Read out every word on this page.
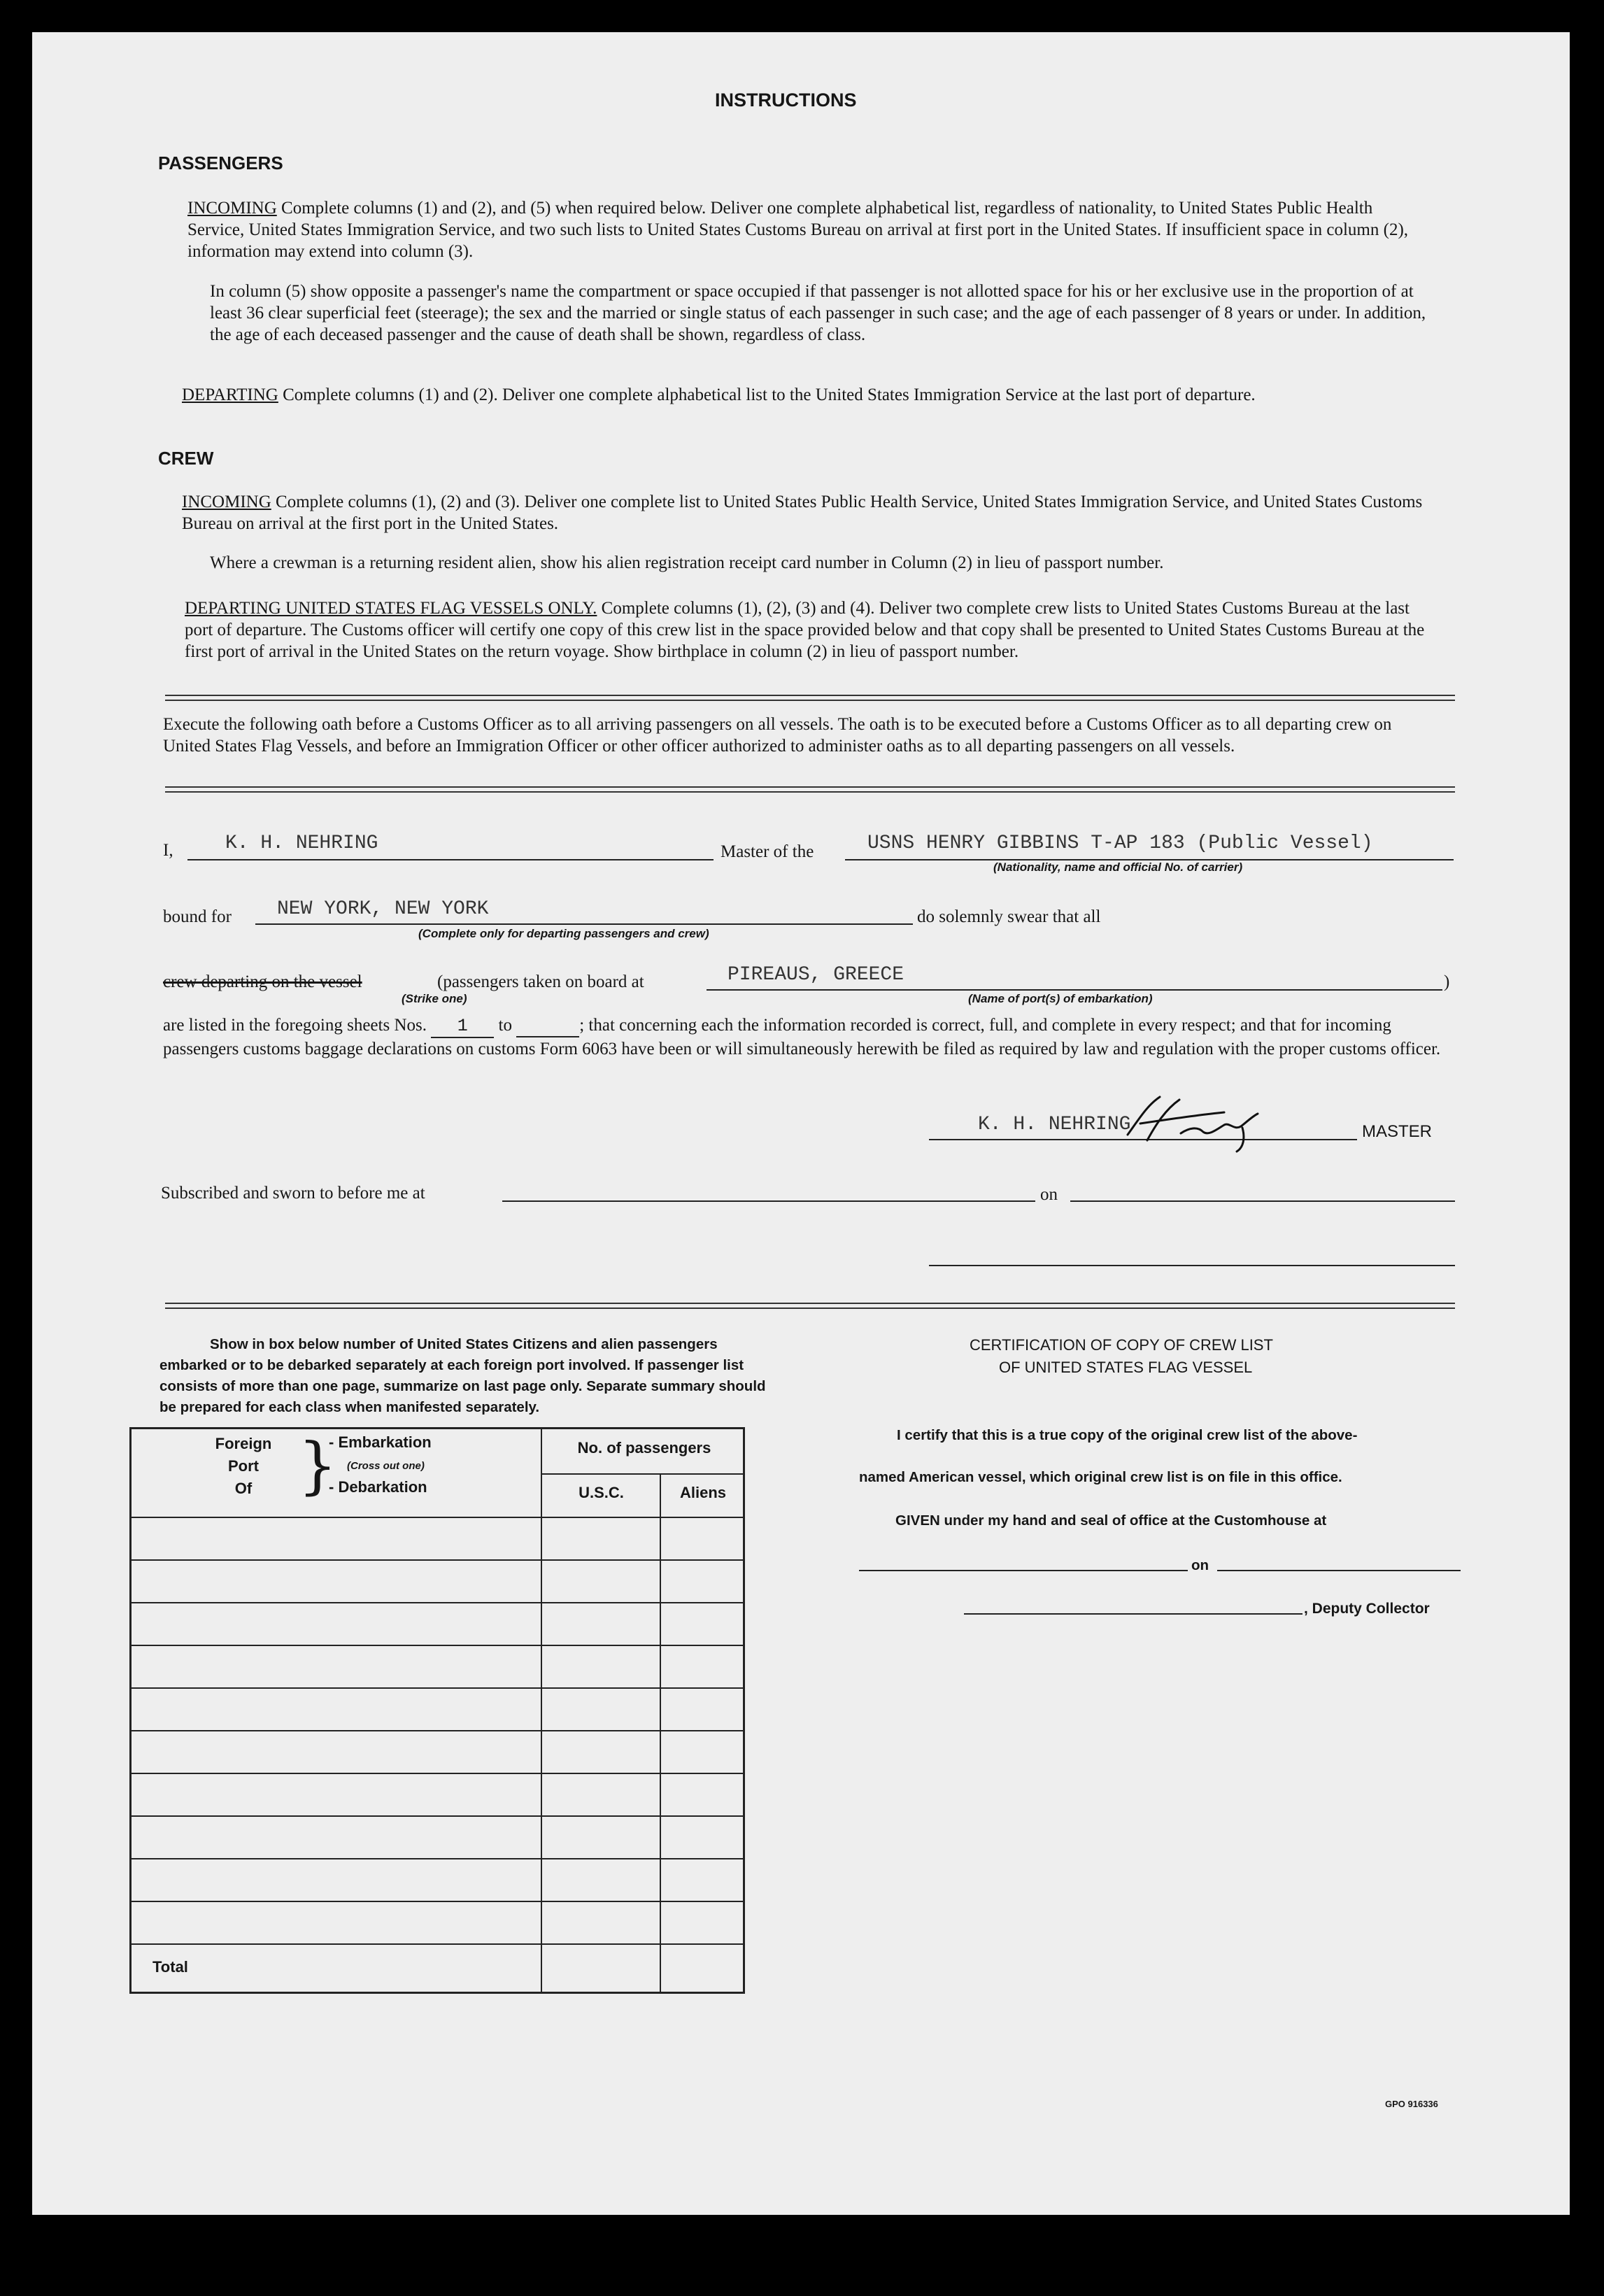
INSTRUCTIONS
PASSENGERS
INCOMING Complete columns (1) and (2), and (5) when required below. Deliver one complete alphabetical list, regardless of nationality, to United States Public Health Service, United States Immigration Service, and two such lists to United States Customs Bureau on arrival at first port in the United States. If insufficient space in column (2), information may extend into column (3).
In column (5) show opposite a passenger's name the compartment or space occupied if that passenger is not allotted space for his or her exclusive use in the proportion of at least 36 clear superficial feet (steerage); the sex and the married or single status of each passenger in such case; and the age of each passenger of 8 years or under. In addition, the age of each deceased passenger and the cause of death shall be shown, regardless of class.
DEPARTING Complete columns (1) and (2). Deliver one complete alphabetical list to the United States Immigration Service at the last port of departure.
CREW
INCOMING Complete columns (1), (2) and (3). Deliver one complete list to United States Public Health Service, United States Immigration Service, and United States Customs Bureau on arrival at the first port in the United States.
Where a crewman is a returning resident alien, show his alien registration receipt card number in Column (2) in lieu of passport number.
DEPARTING UNITED STATES FLAG VESSELS ONLY. Complete columns (1), (2), (3) and (4). Deliver two complete crew lists to United States Customs Bureau at the last port of departure. The Customs officer will certify one copy of this crew list in the space provided below and that copy shall be presented to United States Customs Bureau at the first port of arrival in the United States on the return voyage. Show birthplace in column (2) in lieu of passport number.
Execute the following oath before a Customs Officer as to all arriving passengers on all vessels. The oath is to be executed before a Customs Officer as to all departing crew on United States Flag Vessels, and before an Immigration Officer or other officer authorized to administer oaths as to all departing passengers on all vessels.
I,	K. H. NEHRING	Master of the	USNS HENRY GIBBINS T-AP 183 (Public Vessel)
(Nationality, name and official No. of carrier)
bound for NEW YORK, NEW YORK
(Complete only for departing passengers and crew)
do solemnly swear that all
crew departing on the vessel
(Strike one)
(passengers taken on board at	PIREAUS, GREECE
(Name of port(s) of embarkation)
)
are listed in the foregoing sheets Nos. 1 to	; that concerning each the information recorded is correct, full, and complete in every respect; and that for incoming passengers customs baggage declarations on customs Form 6063 have been or will simultaneously herewith be filed as required by law and regulation with the proper customs officer.
K. H. NEHRING	MASTER
Subscribed and sworn to before me at	on
Show in box below number of United States Citizens and alien passengers embarked or to be debarked separately at each foreign port involved. If passenger list consists of more than one page, summarize on last page only. Separate summary should be prepared for each class when manifested separately.
Foreign
Port
Of }
- Embarkation
(Cross out one)
- Debarkation
No. of passengers
U.S.C.	Aliens
Total
CERTIFICATION OF COPY OF CREW LIST
OF UNITED STATES FLAG VESSEL
I certify that this is a true copy of the original crew list of the above-
named American vessel, which original crew list is on file in this office.
GIVEN under my hand and seal of office at the Customhouse at
on
, Deputy Collector
GPO 916336
